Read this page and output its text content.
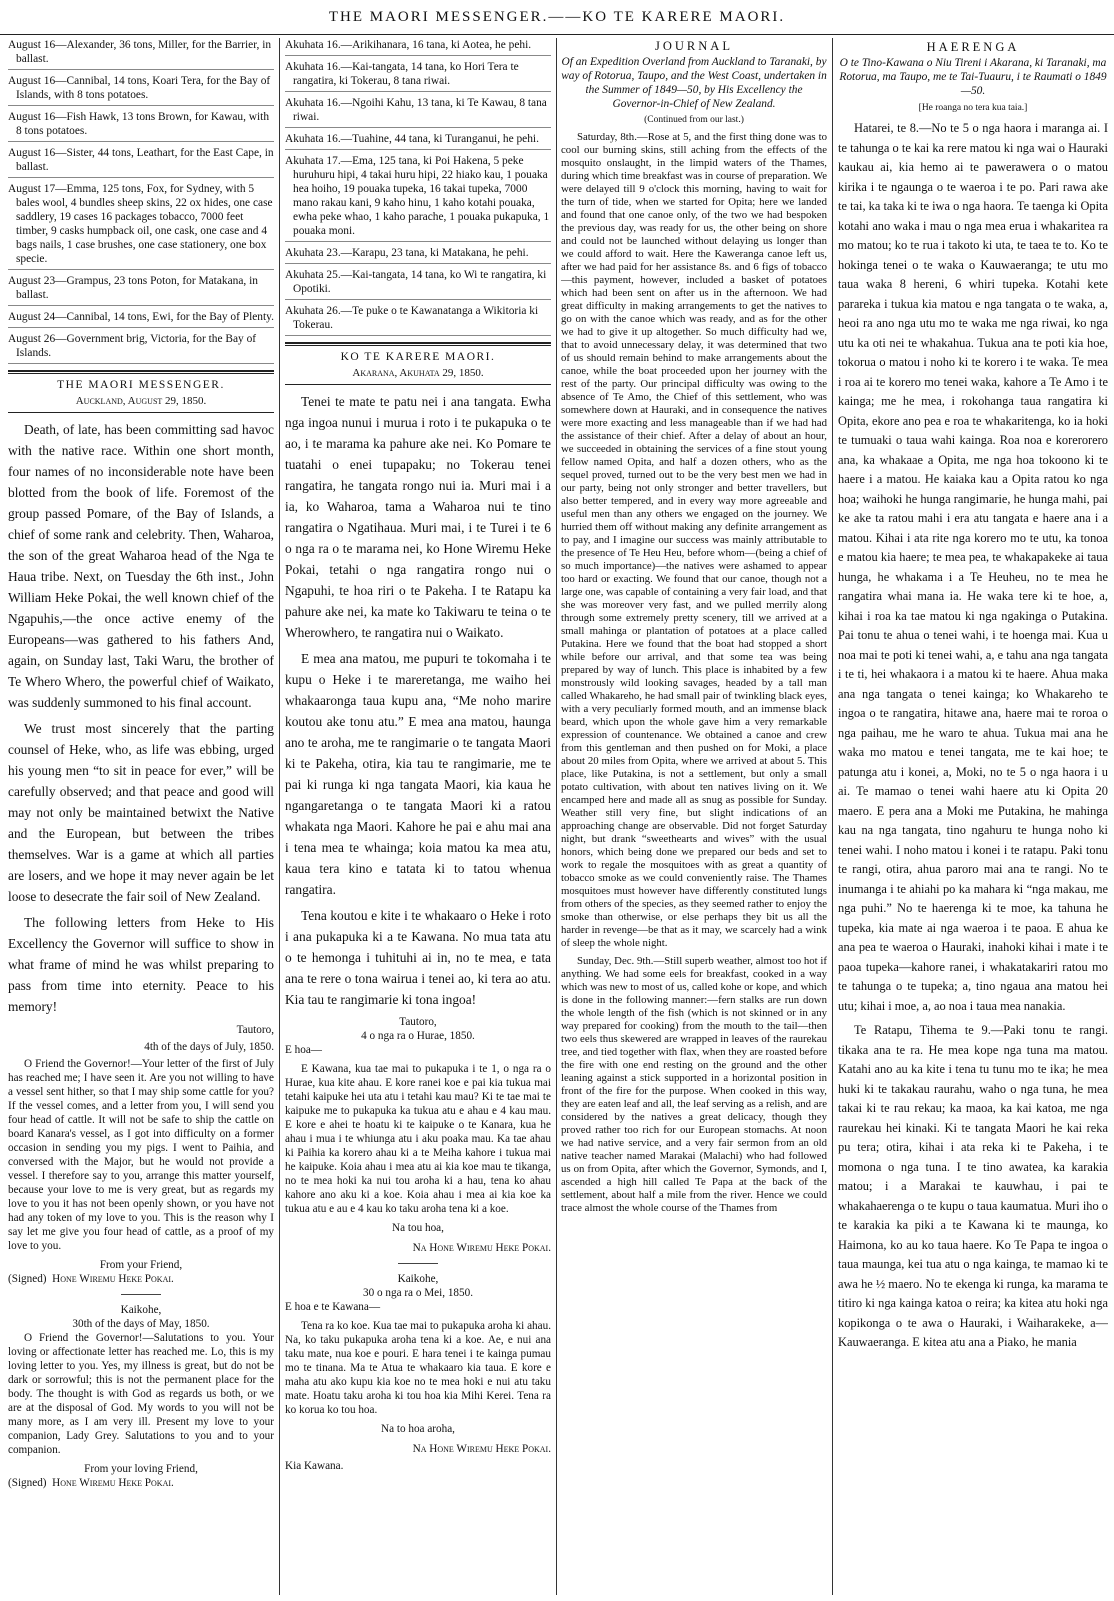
THE MAORI MESSENGER.——KO TE KARERE MAORI.
August 16—Alexander, 36 tons, Miller, for the Barrier, in ballast.
August 16—Cannibal, 14 tons, Koari Tera, for the Bay of Islands, with 8 tons potatoes.
August 16—Fish Hawk, 13 tons Brown, for Kawau, with 8 tons potatoes.
August 16—Sister, 44 tons, Leathart, for the East Cape, in ballast.
August 17—Emma, 125 tons, Fox, for Sydney, with 5 bales wool, 4 bundles sheep skins, 22 ox hides, one case saddlery, 19 cases 16 packages tobacco, 7000 feet timber, 9 casks humpback oil, one cask, one case and 4 bags nails, 1 case brushes, one case stationery, one box specie.
August 23—Grampus, 23 tons Poton, for Matakana, in ballast.
August 24—Cannibal, 14 tons, Ewi, for the Bay of Plenty.
August 26—Government brig, Victoria, for the Bay of Islands.
THE MAORI MESSENGER.
Auckland, August 29, 1850.

Death, of late, has been committing sad havoc with the native race. Within one short month, four names of no inconsiderable note have been blotted from the book of life. Foremost of the group passed Pomare, of the Bay of Islands, a chief of some rank and celebrity. Then, Waharoa, the son of the great Waharoa head of the Nga te Haua tribe. Next, on Tuesday the 6th inst., John William Heke Pokai, the well known chief of the Ngapuhis,—the once active enemy of the Europeans—was gathered to his fathers And, again, on Sunday last, Taki Waru, the brother of Te Whero Whero, the powerful chief of Waikato, was suddenly summoned to his final account.

We trust most sincerely that the parting counsel of Heke, who, as life was ebbing, urged his young men “to sit in peace for ever,” will be carefully observed; and that peace and good will may not only be maintained betwixt the Native and the European, but between the tribes themselves. War is a game at which all parties are losers, and we hope it may never again be let loose to desecrate the fair soil of New Zealand.

The following letters from Heke to His Excellency the Governor will suffice to show in what frame of mind he was whilst preparing to pass from time into eternity. Peace to his memory!

Tautoro,
4th of the days of July, 1850.

O Friend the Governor!—Your letter of the first of July has reached me; I have seen it. Are you not willing to have a vessel sent hither, so that I may ship some cattle for you? If the vessel comes, and a letter from you, I will send you four head of cattle. It will not be safe to ship the cattle on board Kanara's vessel, as I got into difficulty on a former occasion in sending you my pigs. I went to Paihia, and conversed with the Major, but he would not provide a vessel. I therefore say to you, arrange this matter yourself, because your love to me is very great, but as regards my love to you it has not been openly shown, or you have not had any token of my love to you. This is the reason why I say let me give you four head of cattle, as a proof of my love to you.

From your Friend,

(Signed) Hone Wiremu Heke Pokai.

Kaikohe,
30th of the days of May, 1850.

O Friend the Governor!—Salutations to you. Your loving or affectionate letter has reached me. Lo, this is my loving letter to you. Yes, my illness is great, but do not be dark or sorrowful; this is not the permanent place for the body. The thought is with God as regards us both, or we are at the disposal of God. My words to you will not be many more, as I am very ill. Present my love to your companion, Lady Grey. Salutations to you and to your companion.

From your loving Friend,

(Signed) Hone Wiremu Heke Pokai.

Akuhata 16.—Arikihanara, 16 tana, ki Aotea, he pehi.
Akuhata 16.—Kai-tangata, 14 tana, ko Hori Tera te rangatira, ki Tokerau, 8 tana riwai.
Akuhata 16.—Ngoihi Kahu, 13 tana, ki Te Kawau, 8 tana riwai.
Akuhata 16.—Tuahine, 44 tana, ki Turanganui, he pehi.
Akuhata 17.—Ema, 125 tana, ki Poi Hakena, 5 peke huruhuru hipi, 4 takai huru hipi, 22 hiako kau, 1 pouaka hea hoiho, 19 pouaka tupeka, 16 takai tupeka, 7000 mano rakau kani, 9 kaho hinu, 1 kaho kotahi pouaka, ewha peke whao, 1 kaho parache, 1 pouaka pukapuka, 1 pouaka moni.
Akuhata 23.—Karapu, 23 tana, ki Matakana, he pehi.
Akuhata 25.—Kai-tangata, 14 tana, ko Wi te rangatira, ki Opotiki.
Akuhata 26.—Te puke o te Kawanatanga a Wikitoria ki Tokerau.
KO TE KARERE MAORI.
Akarana, Akuhata 29, 1850.

Tenei te mate te patu nei i ana tangata. Ewha nga ingoa nunui i murua i roto i te pukapuka o te ao, i te marama ka pahure ake nei. Ko Pomare te tuatahi o enei tupapaku; no Tokerau tenei rangatira, he tangata rongo nui ia. Muri mai i a ia, ko Waharoa, tama a Waharoa nui te tino rangatira o Ngatihaua. Muri mai, i te Turei i te 6 o nga ra o te marama nei, ko Hone Wiremu Heke Pokai, tetahi o nga rangatira rongo nui o Ngapuhi, te hoa riri o te Pakeha. I te Ratapu ka pahure ake nei, ka mate ko Takiwaru te teina o te Wherowhero, te rangatira nui o Waikato.

E mea ana matou, me pupuri te tokomaha i te kupu o Heke i te mareretanga, me waiho hei whakaaronga taua kupu ana, “Me noho marire koutou ake tonu atu.” E mea ana matou, haunga ano te aroha, me te rangimarie o te tangata Maori ki te Pakeha, otira, kia tau te rangimarie, me te pai ki runga ki nga tangata Maori, kia kaua he ngangaretanga o te tangata Maori ki a ratou whakata nga Maori. Kahore he pai e ahu mai ana i tena mea te whainga; koia matou ka mea atu, kaua tera kino e tatata ki to tatou whenua rangatira.

Tena koutou e kite i te whakaaro o Heke i roto i ana pukapuka ki a te Kawana. No mua tata atu o te hemonga i tuhituhi ai in, no te mea, e tata ana te rere o tona wairua i tenei ao, ki tera ao atu. Kia tau te rangimarie ki tona ingoa!

Tautoro,
4 o nga ra o Hurae, 1850.

E hoa—

E Kawana, kua tae mai to pukapuka i te 1, o nga ra o Hurae, kua kite ahau. E kore ranei koe e pai kia tukua mai tetahi kaipuke hei uta atu i tetahi kau mau? Ki te tae mai te kaipuke me to pukapuka ka tukua atu e ahau e 4 kau mau. E kore e ahei te hoatu ki te kaipuke o te Kanara, kua he ahau i mua i te whiunga atu i aku poaka mau. Ka tae ahau ki Paihia ka korero ahau ki a te Meiha kahore i tukua mai he kaipuke. Koia ahau i mea atu ai kia koe mau te tikanga, no te mea hoki ka nui tou aroha ki a hau, tena ko ahau kahore ano aku ki a koe. Koia ahau i mea ai kia koe ka tukua atu e au e 4 kau ko taku aroha tena ki a koe.

Na tou hoa,
Na Hone Wiremu Heke Pokai.
Kaikohe,
30 o nga ra o Mei, 1850.

E hoa e te Kawana—

Tena ra ko koe. Kua tae mai to pukapuka aroha ki ahau. Na, ko taku pukapuka aroha tena ki a koe. Ae, e nui ana taku mate, nua koe e pouri. E hara tenei i te kainga pumau mo te tinana. Ma te Atua te whakaaro kia taua. E kore e maha atu ako kupu kia koe no te mea hoki e nui atu taku mate. Hoatu taku aroha ki tou hoa kia Mihi Kerei. Tena ra ko korua ko tou hoa.

Na to hoa aroha,
Na Hone Wiremu Heke Pokai.
Kia Kawana.
JOURNAL
Of an Expedition Overland from Auckland to Taranaki, by way of Rotorua, Taupo, and the West Coast, undertaken in the Summer of 1849—50, by His Excellency the Governor-in-Chief of New Zealand.
(Continued from our last.)

Saturday, 8th.—Rose at 5, and the first thing done was to cool our burning skins, still aching from the effects of the mosquito onslaught, in the limpid waters of the Thames, during which time breakfast was in course of preparation. We were delayed till 9 o'clock this morning, having to wait for the turn of tide, when we started for Opita; here we landed and found that one canoe only, of the two we had bespoken the previous day, was ready for us, the other being on shore and could not be launched without delaying us longer than we could afford to wait. Here the Kaweranga canoe left us, after we had paid for her assistance 8s. and 6 figs of tobacco—this payment, however, included a basket of potatoes which had been sent on after us in the afternoon. We had great difficulty in making arrangements to get the natives to go on with the canoe which was ready, and as for the other we had to give it up altogether. So much difficulty had we, that to avoid unnecessary delay, it was determined that two of us should remain behind to make arrangements about the canoe, while the boat proceeded upon her journey with the rest of the party. Our principal difficulty was owing to the absence of Te Amo, the Chief of this settlement, who was somewhere down at Hauraki, and in consequence the natives were more exacting and less manageable than if we had had the assistance of their chief. After a delay of about an hour, we succeeded in obtaining the services of a fine stout young fellow named Opita, and half a dozen others, who as the sequel proved, turned out to be the very best men we had in our party, being not only stronger and better travellers, but also better tempered, and in every way more agreeable and useful men than any others we engaged on the journey. We hurried them off without making any definite arrangement as to pay, and I imagine our success was mainly attributable to the presence of Te Heu Heu, before whom—(being a chief of so much importance)—the natives were ashamed to appear too hard or exacting. We found that our canoe, though not a large one, was capable of containing a very fair load, and that she was moreover very fast, and we pulled merrily along through some extremely pretty scenery, till we arrived at a small mahinga or plantation of potatoes at a place called Putakina. Here we found that the boat had stopped a short while before our arrival, and that some tea was being prepared by way of lunch. This place is inhabited by a few monstrously wild looking savages, headed by a tall man called Whakareho, he had small pair of twinkling black eyes, with a very peculiarly formed mouth, and an immense black beard, which upon the whole gave him a very remarkable expression of countenance. We obtained a canoe and crew from this gentleman and then pushed on for Moki, a place about 20 miles from Opita, where we arrived at about 5. This place, like Putakina, is not a settlement, but only a small potato cultivation, with about ten natives living on it. We encamped here and made all as snug as possible for Sunday. Weather still very fine, but slight indications of an approaching change are observable. Did not forget Saturday night, but drank “sweethearts and wives” with the usual honors, which being done we prepared our beds and set to work to regale the mosquitoes with as great a quantity of tobacco smoke as we could conveniently raise. The Thames mosquitoes must however have differently constituted lungs from others of the species, as they seemed rather to enjoy the smoke than otherwise, or else perhaps they bit us all the harder in revenge—be that as it may, we scarcely had a wink of sleep the whole night.

Sunday, Dec. 9th.—Still superb weather, almost too hot if anything. We had some eels for breakfast, cooked in a way which was new to most of us, called kohe or kope, and which is done in the following manner:—fern stalks are run down the whole length of the fish (which is not skinned or in any way prepared for cooking) from the mouth to the tail—then two eels thus skewered are wrapped in leaves of the raurekau tree, and tied together with flax, when they are roasted before the fire with one end resting on the ground and the other leaning against a stick supported in a horizontal position in front of the fire for the purpose. When cooked in this way, they are eaten leaf and all, the leaf serving as a relish, and are considered by the natives a great delicacy, though they proved rather too rich for our European stomachs. At noon we had native service, and a very fair sermon from an old native teacher named Marakai (Malachi) who had followed us on from Opita, after which the Governor, Symonds, and I, ascended a high hill called Te Papa at the back of the settlement, about half a mile from the river. Hence we could trace almost the whole course of the Thames from

HAERENGA
O te Tino-Kawana o Niu Tireni i Akarana, ki Taranaki, ma Rotorua, ma Taupo, me te Tai-Tuauru, i te Raumati o 1849—50.
[He roanga no tera kua taia.]

Hatarei, te 8.—No te 5 o nga haora i maranga ai. I te tahunga o te kai ka rere matou ki nga wai o Hauraki kaukau ai, kia hemo ai te pawerawera o o matou kirika i te ngaunga o te waeroa i te po. Pari rawa ake te tai, ka taka ki te iwa o nga haora. Te taenga ki Opita kotahi ano waka i mau o nga mea erua i whakaritea ra mo matou; ko te rua i takoto ki uta, te taea te to. Ko te hokinga tenei o te waka o Kauwaeranga; te utu mo taua waka 8 hereni, 6 whiri tupeka. Kotahi kete parareka i tukua kia matou e nga tangata o te waka, a, heoi ra ano nga utu mo te waka me nga riwai, ko nga utu ka oti nei te whakahua. Tukua ana te poti kia hoe, tokorua o matou i noho ki te korero i te waka. Te mea i roa ai te korero mo tenei waka, kahore a Te Amo i te kainga; me he mea, i rokohanga taua rangatira ki Opita, ekore ano pea e roa te whakaritenga, ko ia hoki te tumuaki o taua wahi kainga. Roa noa e korerorero ana, ka whakaae a Opita, me nga hoa tokoono ki te haere i a matou. He kaiaka kau a Opita ratou ko nga hoa; waihoki he hunga rangimarie, he hunga mahi, pai ke ake ta ratou mahi i era atu tangata e haere ana i a matou. Kihai i ata rite nga korero mo te utu, ka tonoa e matou kia haere; te mea pea, te whakapakeke ai taua hunga, he whakama i a Te Heuheu, no te mea he rangatira whai mana ia. He waka tere ki te hoe, a, kihai i roa ka tae matou ki nga ngakinga o Putakina. Pai tonu te ahua o tenei wahi, i te hoenga mai. Kua u noa mai te poti ki tenei wahi, a, e tahu ana nga tangata i te ti, hei whakaora i a matou ki te haere. Ahua maka ana nga tangata o tenei kainga; ko Whakareho te ingoa o te rangatira, hitawe ana, haere mai te roroa o nga paihau, me he waro te ahua. Tukua mai ana he waka mo matou e tenei tangata, me te kai hoe; te patunga atu i konei, a, Moki, no te 5 o nga haora i u ai. Te mamao o tenei wahi haere atu ki Opita 20 maero. E pera ana a Moki me Putakina, he mahinga kau na nga tangata, tino ngahuru te hunga noho ki tenei wahi. I noho matou i konei i te ratapu. Paki tonu te rangi, otira, ahua paroro mai ana te rangi. No te inumanga i te ahiahi po ka mahara ki “nga makau, me nga puhi.” No te haerenga ki te moe, ka tahuna he tupeka, kia mate ai nga waeroa i te paoa. E ahua ke ana pea te waeroa o Hauraki, inahoki kihai i mate i te paoa tupeka—kahore ranei, i whakatakariri ratou mo te tahunga o te tupeka; a, tino ngaua ana matou hei utu; kihai i moe, a, ao noa i taua mea nanakia.

Te Ratapu, Tihema te 9.—Paki tonu te rangi. tikaka ana te ra. He mea kope nga tuna ma matou. Katahi ano au ka kite i tena tu tunu mo te ika; he mea huki ki te takakau raurahu, waho o nga tuna, he mea takai ki te rau rekau; ka maoa, ka kai katoa, me nga raurekau hei kinaki. Ki te tangata Maori he kai reka pu tera; otira, kihai i ata reka ki te Pakeha, i te momona o nga tuna. I te tino awatea, ka karakia matou; i a Marakai te kauwhau, i pai te whakahaerenga o te kupu o taua kaumatua. Muri iho o te karakia ka piki a te Kawana ki te maunga, ko Haimona, ko au ko taua haere. Ko Te Papa te ingoa o taua maunga, kei tua atu o nga kainga, te mamao ki te awa he ½ maero. No te ekenga ki runga, ka marama te titiro ki nga kainga katoa o reira; ka kitea atu hoki nga kopikonga o te awa o Hauraki, i Waiharakeke, a— Kauwaeranga. E kitea atu ana a Piako, he mania
